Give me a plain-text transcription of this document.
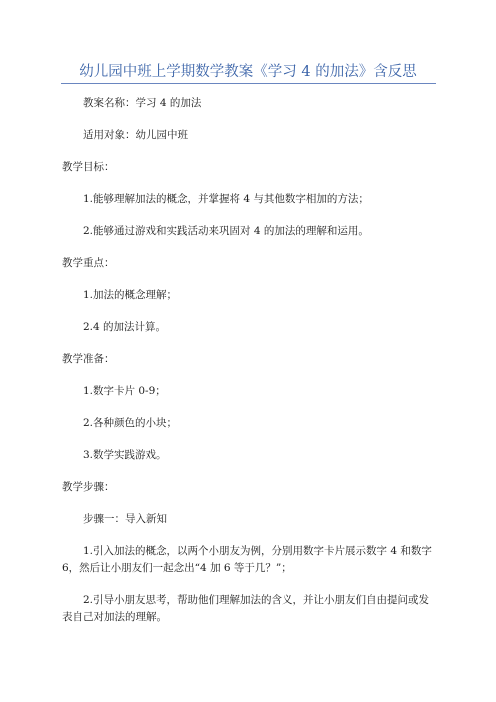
幼儿园中班上学期数学教案《学习 4 的加法》含反思

教案名称：学习 4 的加法

适用对象：幼儿园中班

教学目标：

1.能够理解加法的概念，并掌握将 4 与其他数字相加的方法；

2.能够通过游戏和实践活动来巩固对 4 的加法的理解和运用。

教学重点：

1.加法的概念理解；

2.4 的加法计算。

教学准备：

1.数字卡片 0-9；

2.各种颜色的小块；

3.数学实践游戏。

教学步骤：

步骤一：导入新知

1.引入加法的概念，以两个小朋友为例，分别用数字卡片展示数字 4 和数字 6，然后让小朋友们一起念出“4 加 6 等于几？”；

2.引导小朋友思考，帮助他们理解加法的含义，并让小朋友们自由提问或发表自己对加法的理解。
